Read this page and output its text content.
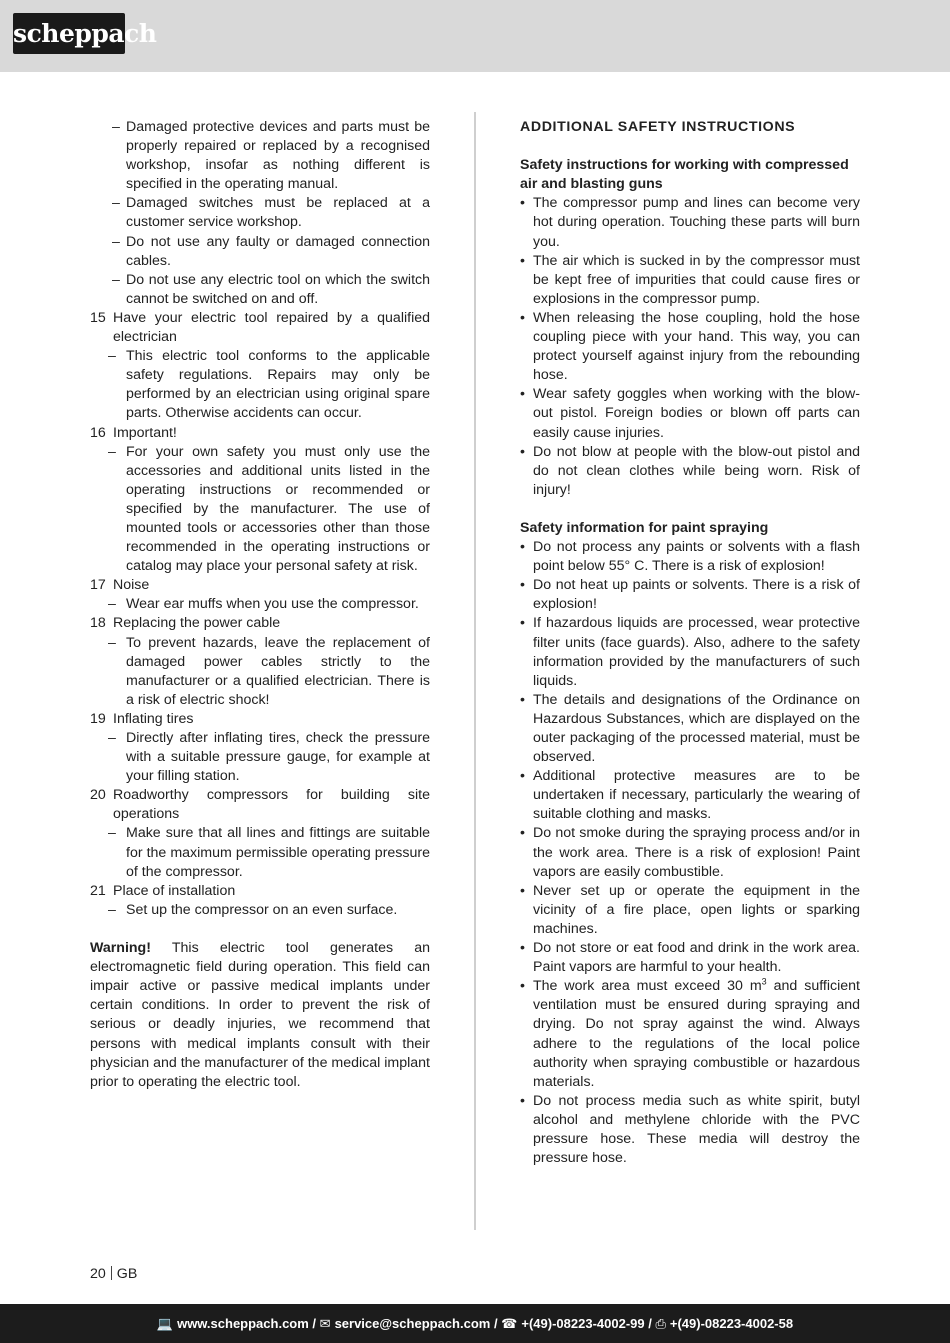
scheppach
– Damaged protective devices and parts must be properly repaired or replaced by a recognised workshop, insofar as nothing different is specified in the operating manual.
– Damaged switches must be replaced at a customer service workshop.
– Do not use any faulty or damaged connection cables.
– Do not use any electric tool on which the switch cannot be switched on and off.
15 Have your electric tool repaired by a qualified electrician
– This electric tool conforms to the applicable safety regulations. Repairs may only be performed by an electrician using original spare parts. Otherwise accidents can occur.
16 Important!
– For your own safety you must only use the accessories and additional units listed in the operating instructions or recommended or specified by the manufacturer. The use of mounted tools or accessories other than those recommended in the operating instructions or catalog may place your personal safety at risk.
17 Noise
– Wear ear muffs when you use the compressor.
18 Replacing the power cable
– To prevent hazards, leave the replacement of damaged power cables strictly to the manufacturer or a qualified electrician. There is a risk of electric shock!
19 Inflating tires
– Directly after inflating tires, check the pressure with a suitable pressure gauge, for example at your filling station.
20 Roadworthy compressors for building site operations
– Make sure that all lines and fittings are suitable for the maximum permissible operating pressure of the compressor.
21 Place of installation
– Set up the compressor on an even surface.
Warning! This electric tool generates an electromagnetic field during operation. This field can impair active or passive medical implants under certain conditions. In order to prevent the risk of serious or deadly injuries, we recommend that persons with medical implants consult with their physician and the manufacturer of the medical implant prior to operating the electric tool.
ADDITIONAL SAFETY INSTRUCTIONS
Safety instructions for working with compressed air and blasting guns
• The compressor pump and lines can become very hot during operation. Touching these parts will burn you.
• The air which is sucked in by the compressor must be kept free of impurities that could cause fires or explosions in the compressor pump.
• When releasing the hose coupling, hold the hose coupling piece with your hand. This way, you can protect yourself against injury from the rebounding hose.
• Wear safety goggles when working with the blow-out pistol. Foreign bodies or blown off parts can easily cause injuries.
• Do not blow at people with the blow-out pistol and do not clean clothes while being worn. Risk of injury!
Safety information for paint spraying
• Do not process any paints or solvents with a flash point below 55° C. There is a risk of explosion!
• Do not heat up paints or solvents. There is a risk of explosion!
• If hazardous liquids are processed, wear protective filter units (face guards). Also, adhere to the safety information provided by the manufacturers of such liquids.
• The details and designations of the Ordinance on Hazardous Substances, which are displayed on the outer packaging of the processed material, must be observed.
• Additional protective measures are to be undertaken if necessary, particularly the wearing of suitable clothing and masks.
• Do not smoke during the spraying process and/or in the work area. There is a risk of explosion! Paint vapors are easily combustible.
• Never set up or operate the equipment in the vicinity of a fire place, open lights or sparking machines.
• Do not store or eat food and drink in the work area. Paint vapors are harmful to your health.
• The work area must exceed 30 $m^3$ and sufficient ventilation must be ensured during spraying and drying. Do not spray against the wind. Always adhere to the regulations of the local police authority when spraying combustible or hazardous materials.
• Do not process media such as white spirit, butyl alcohol and methylene chloride with the PVC pressure hose. These media will destroy the pressure hose.
20 GB
💻 www.scheppach.com / ✉ service@scheppach.com / ☎ +(49)-08223-4002-99 / ⎙ +(49)-08223-4002-58
